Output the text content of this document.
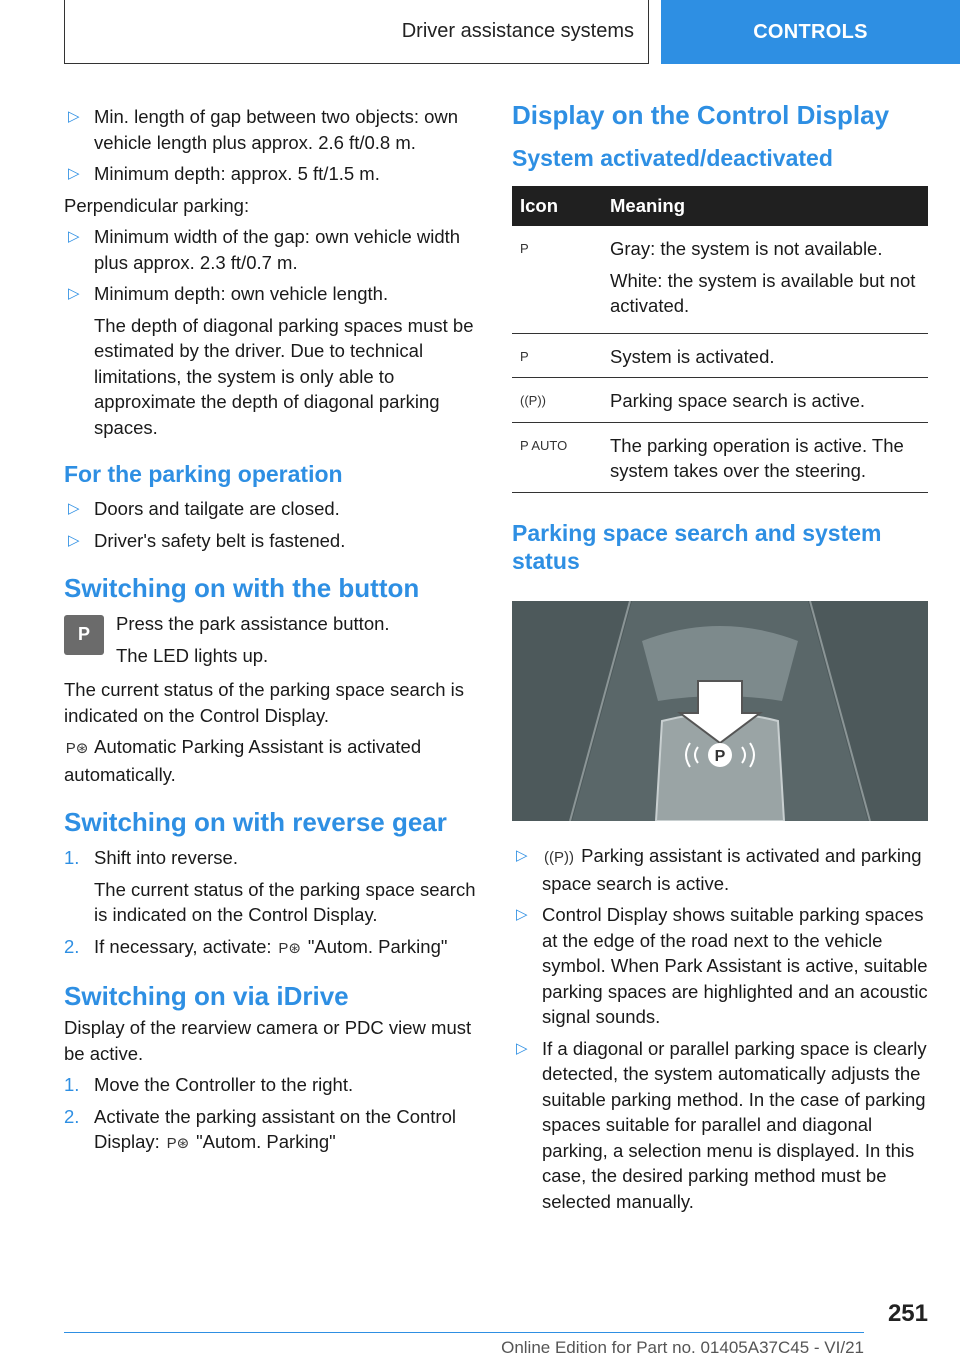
Driver assistance systems	CONTROLS
▷ Min. length of gap between two objects: own vehicle length plus approx. 2.6 ft/0.8 m.
▷ Minimum depth: approx. 5 ft/1.5 m.

Perpendicular parking:

▷ Minimum width of the gap: own vehicle width plus approx. 2.3 ft/0.7 m.
▷ Minimum depth: own vehicle length.
The depth of diagonal parking spaces must be estimated by the driver. Due to technical limitations, the system is only able to approximate the depth of diagonal parking spaces.
For the parking operation
▷ Doors and tailgate are closed.
▷ Driver's safety belt is fastened.
Switching on with the button
P
Press the park assistance button.
The LED lights up.

The current status of the parking space search is indicated on the Control Display.

P⊛ Automatic Parking Assistant is activated automatically.

Switching on with reverse gear
1. Shift into reverse.
The current status of the parking space search is indicated on the Control Display.
2. If necessary, activate: P⊛ "Autom. Parking"
Switching on via iDrive

Display of the rearview camera or PDC view must be active.

1. Move the Controller to the right.
2. Activate the parking assistant on the Control Display: P⊛ "Autom. Parking"
Display on the Control Display
System activated/deactivated
Icon	Meaning
P	Gray: the system is not available.

White: the system is available but not activated.

P	System is activated.
((P))	Parking space search is active.
P AUTO	The parking operation is active. The system takes over the steering.
Parking space search and system status
P
▷ ((P)) Parking assistant is activated and parking space search is active.
▷ Control Display shows suitable parking spaces at the edge of the road next to the vehicle symbol. When Park Assistant is active, suitable parking spaces are highlighted and an acoustic signal sounds.
▷ If a diagonal or parallel parking space is clearly detected, the system automatically adjusts the suitable parking method. In the case of parking spaces suitable for parallel and diagonal parking, a selection menu is displayed. In this case, the desired parking method must be selected manually.
251
Online Edition for Part no. 01405A37C45 - VI/21
